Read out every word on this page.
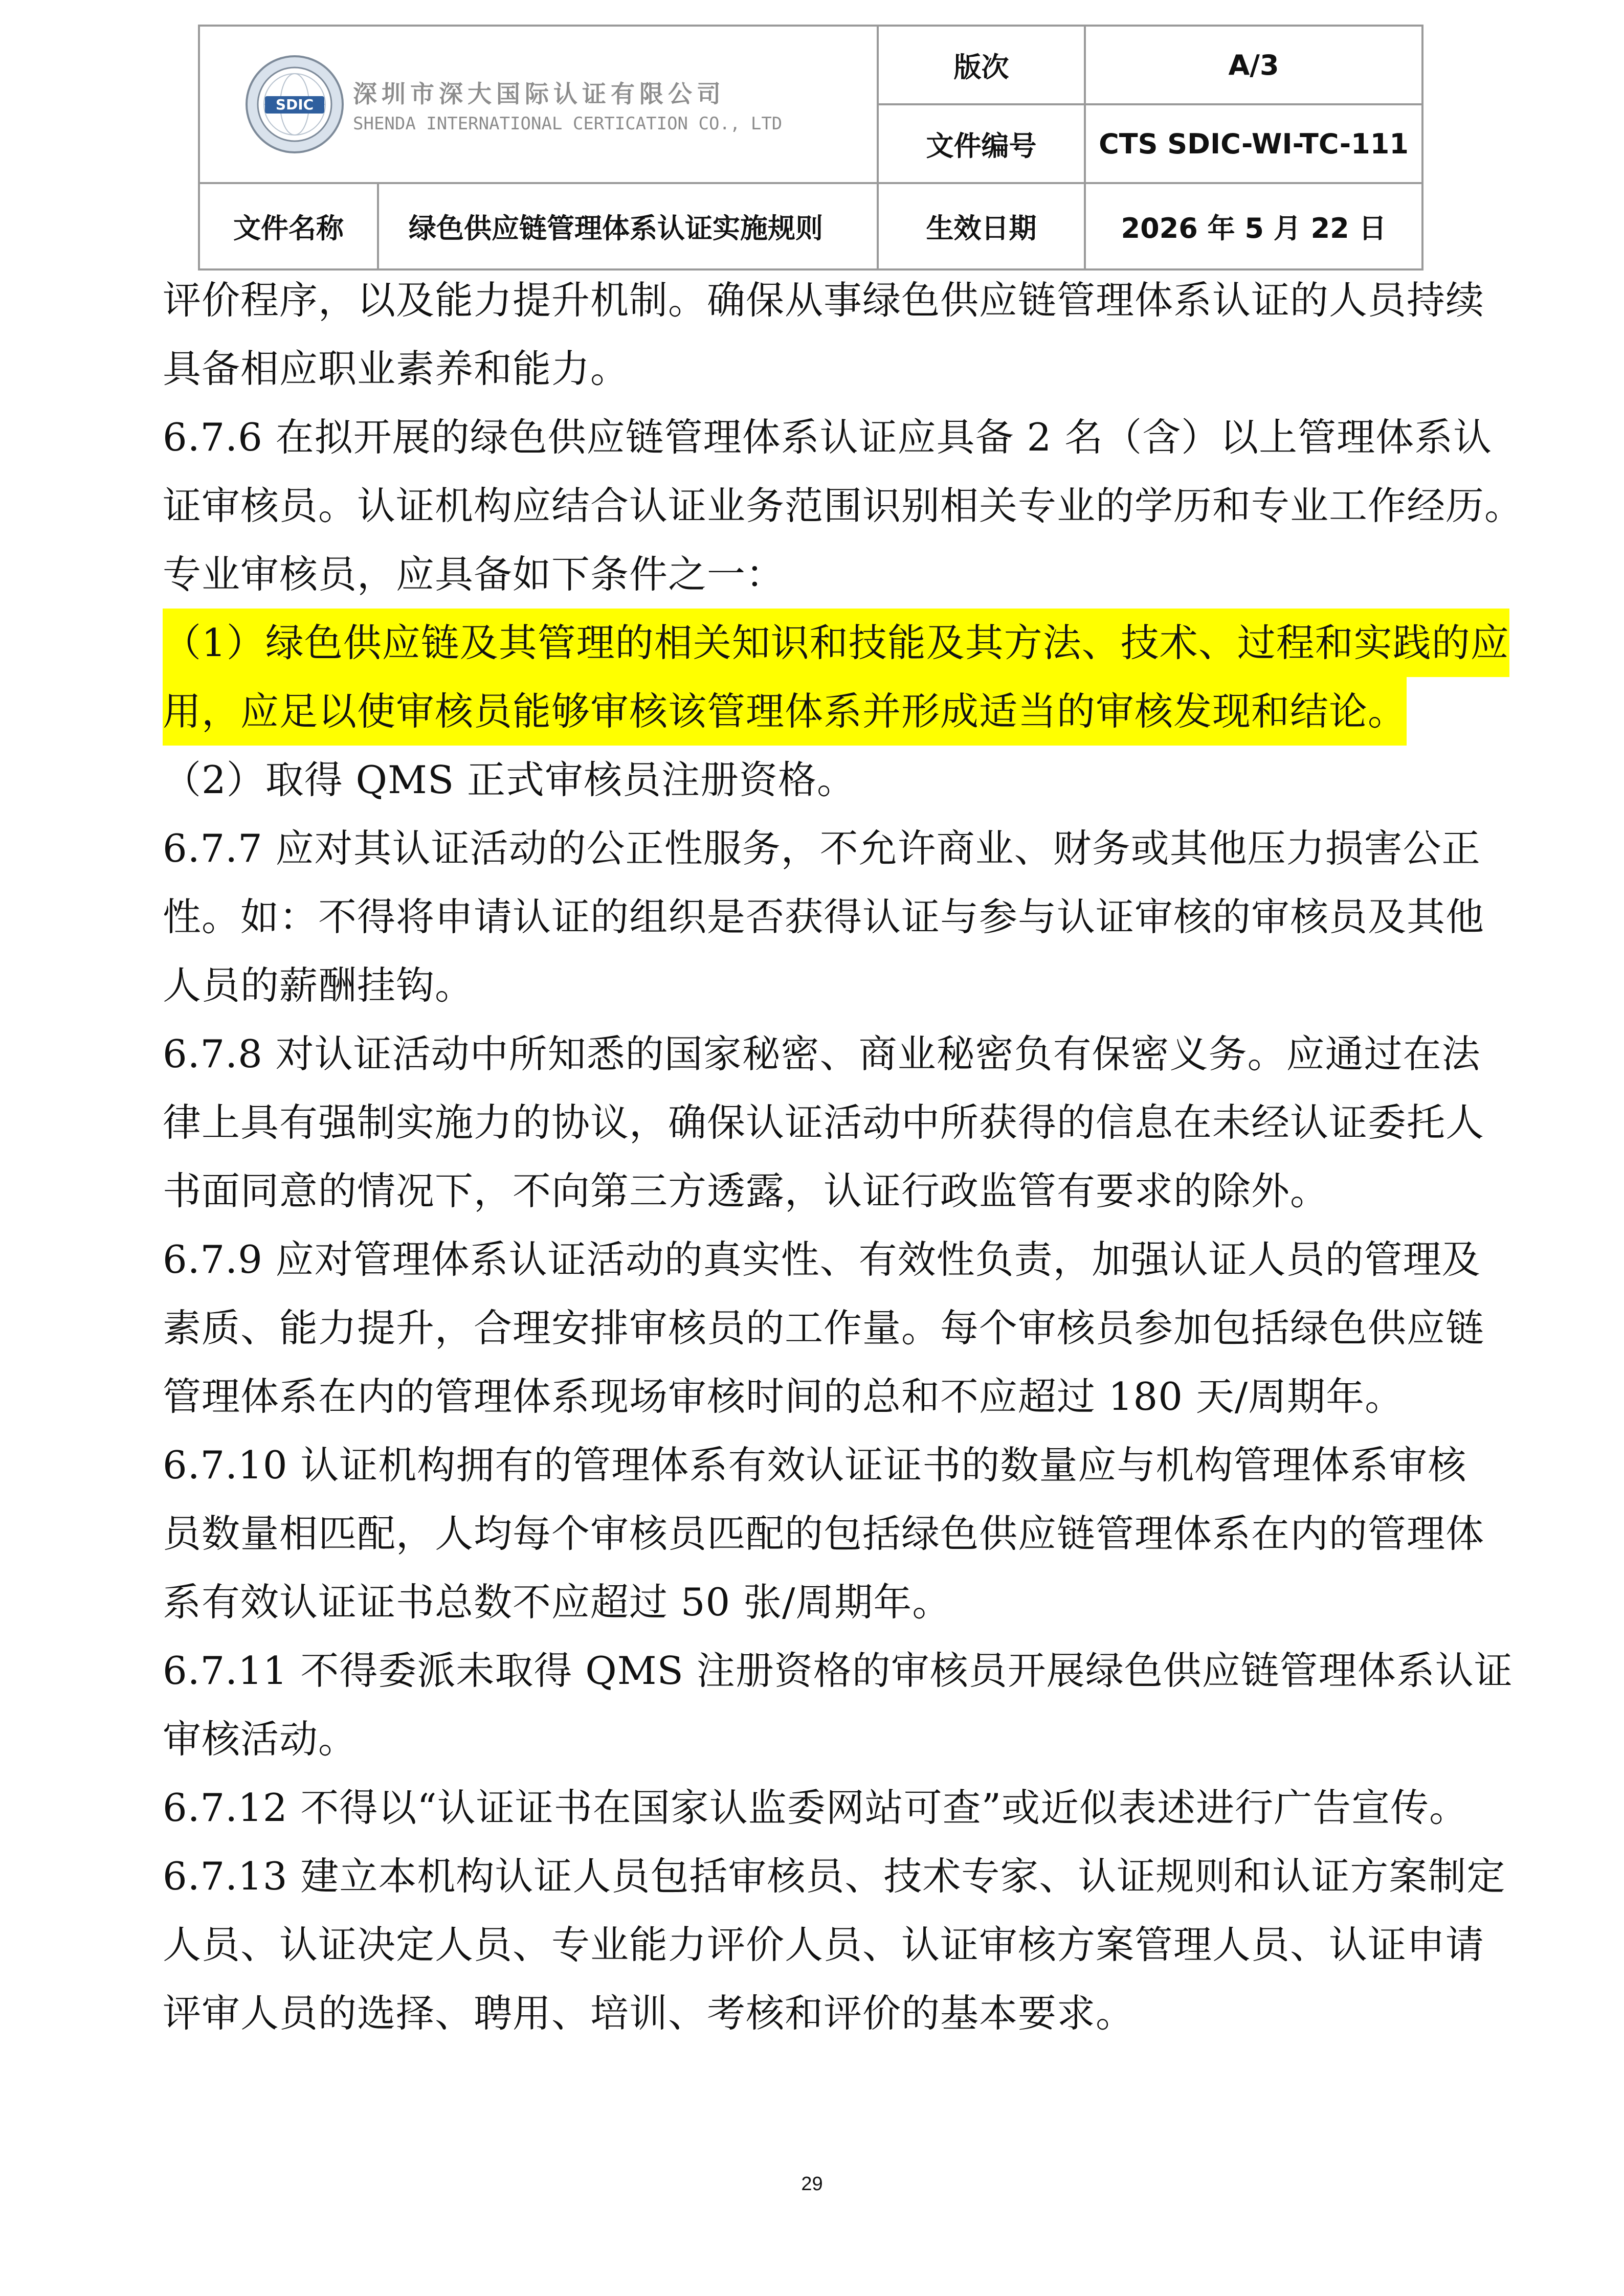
SDIC 深圳市深大国际认证有限公司
SHENDA INTERNATIONAL CERTICATION CO., LTD		版次	A/3
		文件编号	CTS SDIC-WI-TC-111
文件名称	绿色供应链管理体系认证实施规则	生效日期	2026 年 5 月 22 日

评价程序，以及能力提升机制。确保从事绿色供应链管理体系认证的人员持续

具备相应职业素养和能力。

6.7.6 在拟开展的绿色供应链管理体系认证应具备 2 名（含）以上管理体系认

证审核员。认证机构应结合认证业务范围识别相关专业的学历和专业工作经历。

专业审核员，应具备如下条件之一：

（1）绿色供应链及其管理的相关知识和技能及其方法、技术、过程和实践的应

用，应足以使审核员能够审核该管理体系并形成适当的审核发现和结论。

（2）取得 QMS 正式审核员注册资格。

6.7.7 应对其认证活动的公正性服务，不允许商业、财务或其他压力损害公正

性。如：不得将申请认证的组织是否获得认证与参与认证审核的审核员及其他

人员的薪酬挂钩。

6.7.8 对认证活动中所知悉的国家秘密、商业秘密负有保密义务。应通过在法

律上具有强制实施力的协议，确保认证活动中所获得的信息在未经认证委托人

书面同意的情况下，不向第三方透露，认证行政监管有要求的除外。

6.7.9 应对管理体系认证活动的真实性、有效性负责，加强认证人员的管理及

素质、能力提升，合理安排审核员的工作量。每个审核员参加包括绿色供应链

管理体系在内的管理体系现场审核时间的总和不应超过 180 天/周期年。

6.7.10 认证机构拥有的管理体系有效认证证书的数量应与机构管理体系审核

员数量相匹配，人均每个审核员匹配的包括绿色供应链管理体系在内的管理体

系有效认证证书总数不应超过 50 张/周期年。

6.7.11 不得委派未取得 QMS 注册资格的审核员开展绿色供应链管理体系认证

审核活动。

6.7.12 不得以“认证证书在国家认监委网站可查”或近似表述进行广告宣传。

6.7.13 建立本机构认证人员包括审核员、技术专家、认证规则和认证方案制定

人员、认证决定人员、专业能力评价人员、认证审核方案管理人员、认证申请

评审人员的选择、聘用、培训、考核和评价的基本要求。

29
